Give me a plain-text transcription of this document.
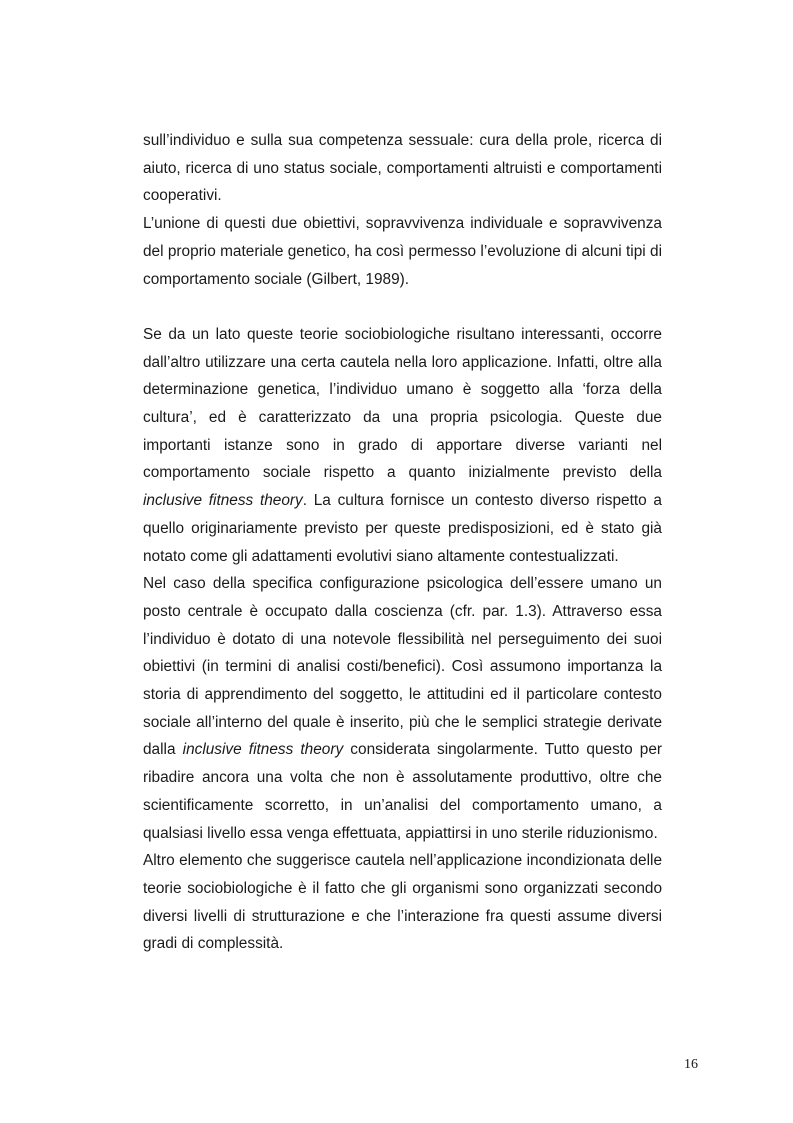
sull’individuo e sulla sua competenza sessuale: cura della prole, ricerca di aiuto, ricerca di uno status sociale, comportamenti altruisti e comportamenti cooperativi.

L’unione di questi due obiettivi, sopravvivenza individuale e sopravvivenza del proprio materiale genetico, ha così permesso l’evoluzione di alcuni tipi di comportamento sociale (Gilbert, 1989).

Se da un lato queste teorie sociobiologiche risultano interessanti, occorre dall’altro utilizzare una certa cautela nella loro applicazione. Infatti, oltre alla determinazione genetica, l’individuo umano è soggetto alla ‘forza della cultura’, ed è caratterizzato da una propria psicologia. Queste due importanti istanze sono in grado di apportare diverse varianti nel comportamento sociale rispetto a quanto inizialmente previsto della inclusive fitness theory. La cultura fornisce un contesto diverso rispetto a quello originariamente previsto per queste predisposizioni, ed è stato già notato come gli adattamenti evolutivi siano altamente contestualizzati.

Nel caso della specifica configurazione psicologica dell’essere umano un posto centrale è occupato dalla coscienza (cfr. par. 1.3). Attraverso essa l’individuo è dotato di una notevole flessibilità nel perseguimento dei suoi obiettivi (in termini di analisi costi/benefici). Così assumono importanza la storia di apprendimento del soggetto, le attitudini ed il particolare contesto sociale all’interno del quale è inserito, più che le semplici strategie derivate dalla inclusive fitness theory considerata singolarmente. Tutto questo per ribadire ancora una volta che non è assolutamente produttivo, oltre che scientificamente scorretto, in un’analisi del comportamento umano, a qualsiasi livello essa venga effettuata, appiattirsi in uno sterile riduzionismo.

Altro elemento che suggerisce cautela nell’applicazione incondizionata delle teorie sociobiologiche è il fatto che gli organismi sono organizzati secondo diversi livelli di strutturazione e che l’interazione fra questi assume diversi gradi di complessità.

16
